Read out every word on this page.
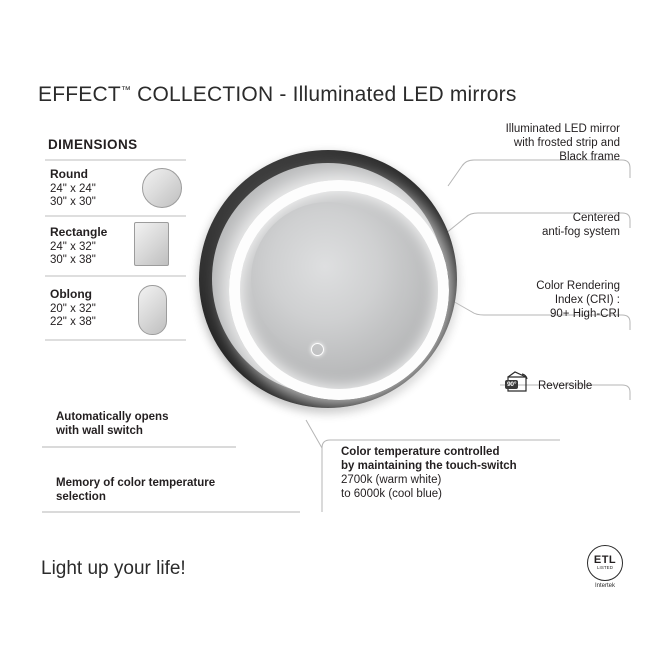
EFFECT™ COLLECTION - Illuminated LED mirrors
DIMENSIONS
Round
24" x 24"
30" x 30"
Rectangle
24" x 32"
30" x 38"
Oblong
20" x 32"
22" x 38"
Illuminated LED mirror
with frosted strip and
Black frame
Centered
anti-fog system
Color Rendering
Index (CRI) :
90+ High-CRI
90° Reversible
Automatically opens
with wall switch
Memory of color temperature
selection
Color temperature controlled
by maintaining the touch-switch
2700k (warm white)
to 6000k (cool blue)
Light up your life!	ETL
LISTED
Intertek
